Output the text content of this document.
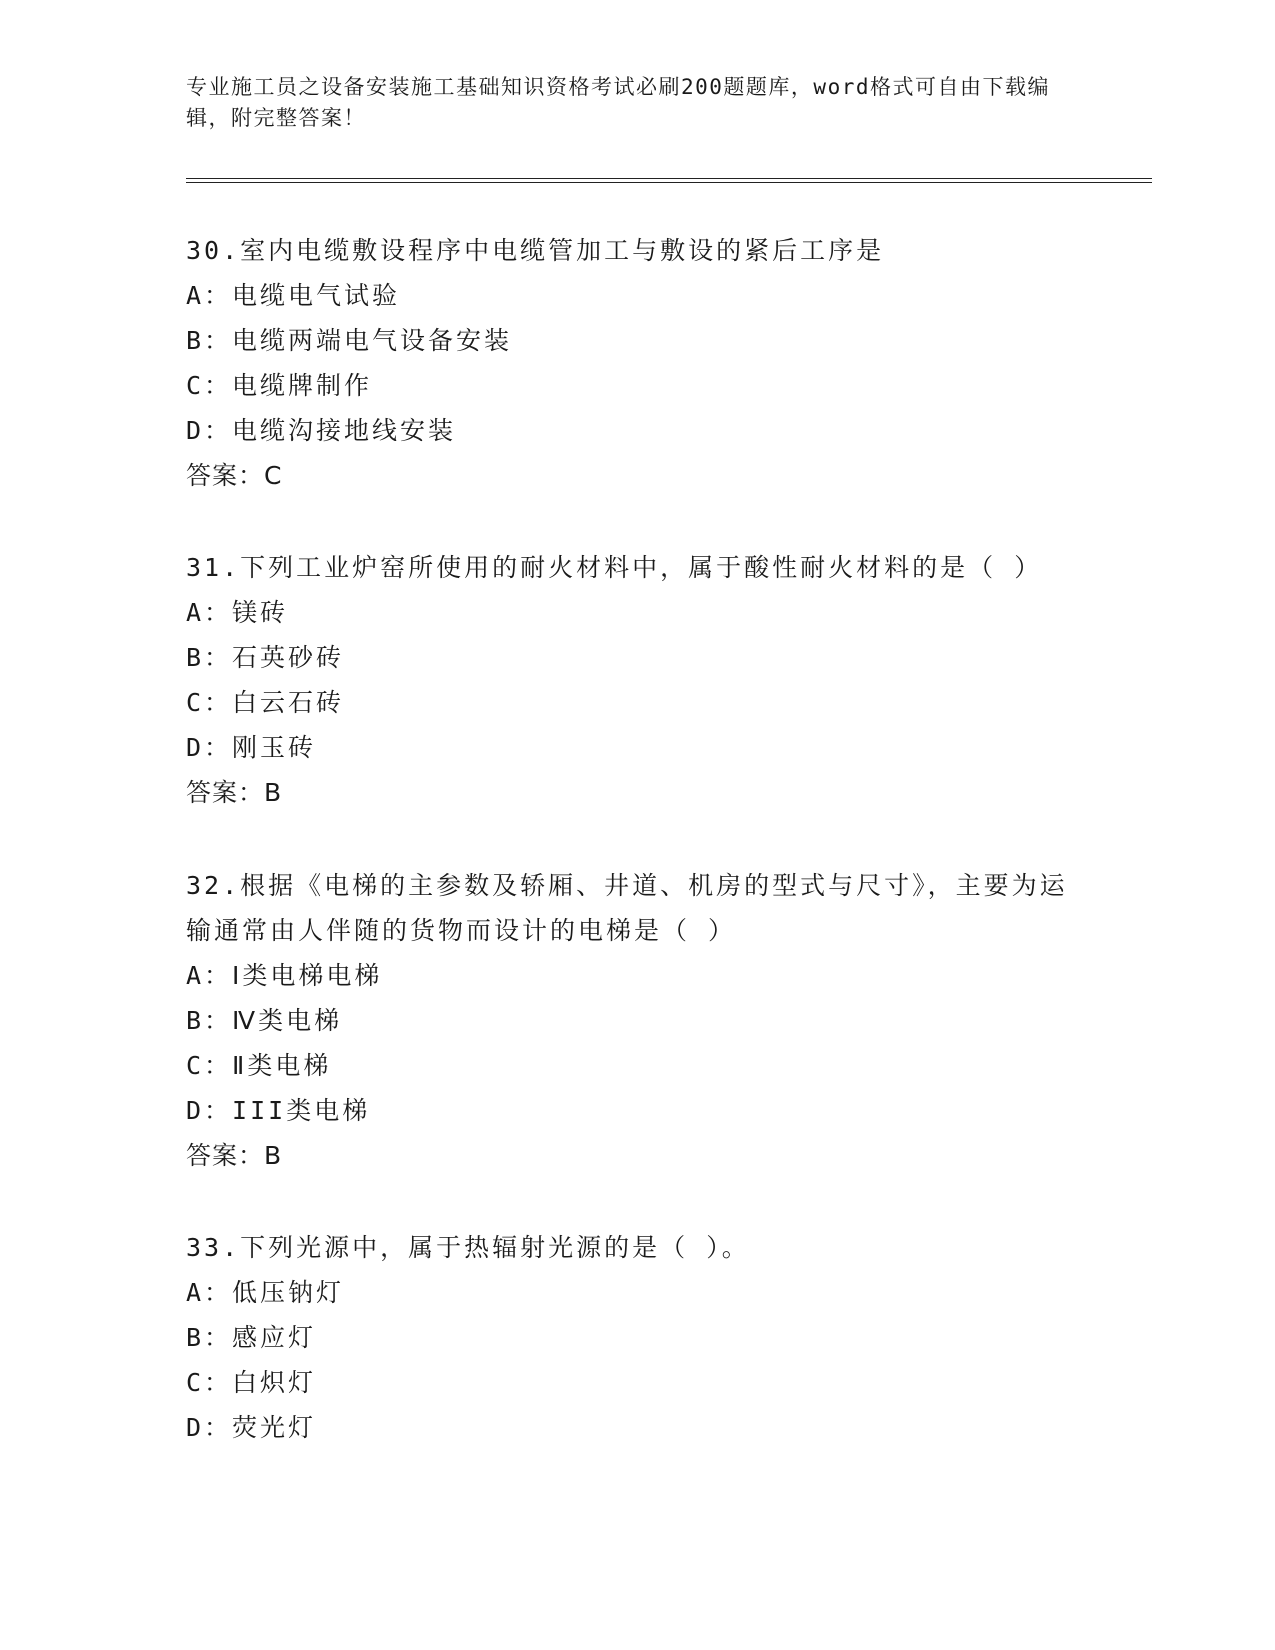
专业施工员之设备安装施工基础知识资格考试必刷200题题库，word格式可自由下载编辑，附完整答案！
30.室内电缆敷设程序中电缆管加工与敷设的紧后工序是
A：电缆电气试验
B：电缆两端电气设备安装
C：电缆牌制作
D：电缆沟接地线安装
答案：C
31.下列工业炉窑所使用的耐火材料中，属于酸性耐火材料的是（ ）
A：镁砖
B：石英砂砖
C：白云石砖
D：刚玉砖
答案：B
32.根据《电梯的主参数及轿厢、井道、机房的型式与尺寸》，主要为运输通常由人伴随的货物而设计的电梯是（ ）
A：Ⅰ类电梯电梯
B：Ⅳ类电梯
C：Ⅱ类电梯
D：III类电梯
答案：B
33.下列光源中，属于热辐射光源的是（ ）。
A：低压钠灯
B：感应灯
C：白炽灯
D：荧光灯
